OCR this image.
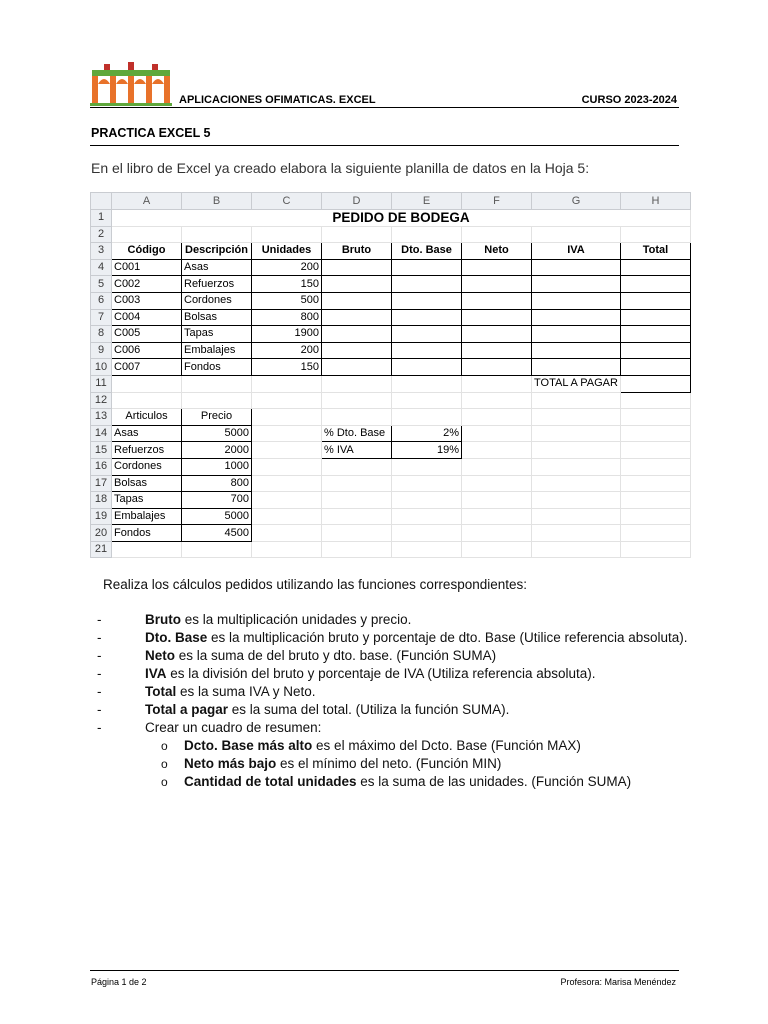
APLICACIONES OFIMATICAS. EXCEL	CURSO 2023-2024
PRACTICA EXCEL 5
En el libro de Excel ya creado elabora la siguiente planilla de datos en la Hoja 5:
	A	B	C	D	E	F	G	H
1	PEDIDO DE BODEGA							
2								
3	Código	Descripción	Unidades	Bruto	Dto. Base	Neto	IVA	Total
4	C001	Asas	200					
5	C002	Refuerzos	150					
6	C003	Cordones	500					
7	C004	Bolsas	800					
8	C005	Tapas	1900					
9	C006	Embalajes	200					
10	C007	Fondos	150					
11							TOTAL A PAGAR	
12								
13	Articulos	Precio						
14	Asas	5000		% Dto. Base	2%			
15	Refuerzos	2000		% IVA	19%			
16	Cordones	1000						
17	Bolsas	800						
18	Tapas	700						
19	Embalajes	5000						
20	Fondos	4500						
21								

Realiza los cálculos pedidos utilizando las funciones correspondientes:

-	Bruto es la multiplicación unidades y precio.
-	Dto. Base es la multiplicación bruto y porcentaje de dto. Base (Utilice referencia absoluta).
-	Neto es la suma de del bruto y dto. base. (Función SUMA)
-	IVA es la división del bruto y porcentaje de IVA (Utiliza referencia absoluta).
-	Total es la suma IVA y Neto.
-	Total a pagar es la suma del total. (Utiliza la función SUMA).
-	Crear un cuadro de resumen:
o Dcto. Base más alto es el máximo del Dcto. Base (Función MAX)
o Neto más bajo es el mínimo del neto. (Función MIN)
o Cantidad de total unidades es la suma de las unidades. (Función SUMA)
Página 1 de 2	Profesora: Marisa Menéndez
